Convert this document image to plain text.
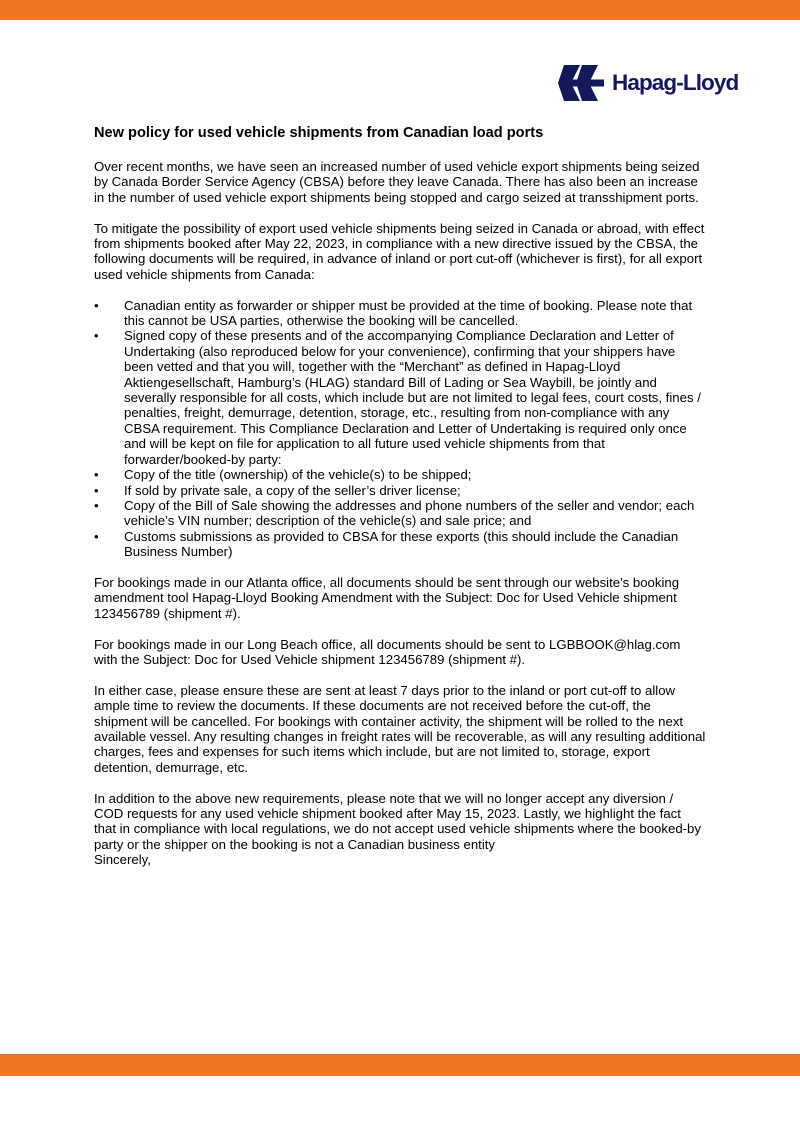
Hapag-Lloyd
New policy for used vehicle shipments from Canadian load ports

Over recent months, we have seen an increased number of used vehicle export shipments being seized by Canada Border Service Agency (CBSA) before they leave Canada. There has also been an increase in the number of used vehicle export shipments being stopped and cargo seized at transshipment ports.

To mitigate the possibility of export used vehicle shipments being seized in Canada or abroad, with effect from shipments booked after May 22, 2023, in compliance with a new directive issued by the CBSA, the following documents will be required, in advance of inland or port cut-off (whichever is first), for all export used vehicle shipments from Canada:

•	Canadian entity as forwarder or shipper must be provided at the time of booking. Please note that this cannot be USA parties, otherwise the booking will be cancelled.
•	Signed copy of these presents and of the accompanying Compliance Declaration and Letter of Undertaking (also reproduced below for your convenience), confirming that your shippers have been vetted and that you will, together with the “Merchant” as defined in Hapag-Lloyd Aktiengesellschaft, Hamburg’s (HLAG) standard Bill of Lading or Sea Waybill, be jointly and severally responsible for all costs, which include but are not limited to legal fees, court costs, fines / penalties, freight, demurrage, detention, storage, etc., resulting from non-compliance with any CBSA requirement. This Compliance Declaration and Letter of Undertaking is required only once and will be kept on file for application to all future used vehicle shipments from that forwarder/booked-by party:
•	Copy of the title (ownership) of the vehicle(s) to be shipped;
•	If sold by private sale, a copy of the seller’s driver license;
•	Copy of the Bill of Sale showing the addresses and phone numbers of the seller and vendor; each vehicle’s VIN number; description of the vehicle(s) and sale price; and
•	Customs submissions as provided to CBSA for these exports (this should include the Canadian Business Number)

For bookings made in our Atlanta office, all documents should be sent through our website's booking amendment tool Hapag-Lloyd Booking Amendment with the Subject: Doc for Used Vehicle shipment 123456789 (shipment #).

For bookings made in our Long Beach office, all documents should be sent to LGBBOOK@hlag.com with the Subject: Doc for Used Vehicle shipment 123456789 (shipment #).

In either case, please ensure these are sent at least 7 days prior to the inland or port cut-off to allow ample time to review the documents. If these documents are not received before the cut-off, the shipment will be cancelled. For bookings with container activity, the shipment will be rolled to the next available vessel. Any resulting changes in freight rates will be recoverable, as will any resulting additional charges, fees and expenses for such items which include, but are not limited to, storage, export detention, demurrage, etc.

In addition to the above new requirements, please note that we will no longer accept any diversion / COD requests for any used vehicle shipment booked after May 15, 2023. Lastly, we highlight the fact that in compliance with local regulations, we do not accept used vehicle shipments where the booked-by party or the shipper on the booking is not a Canadian business entity

Sincerely,
